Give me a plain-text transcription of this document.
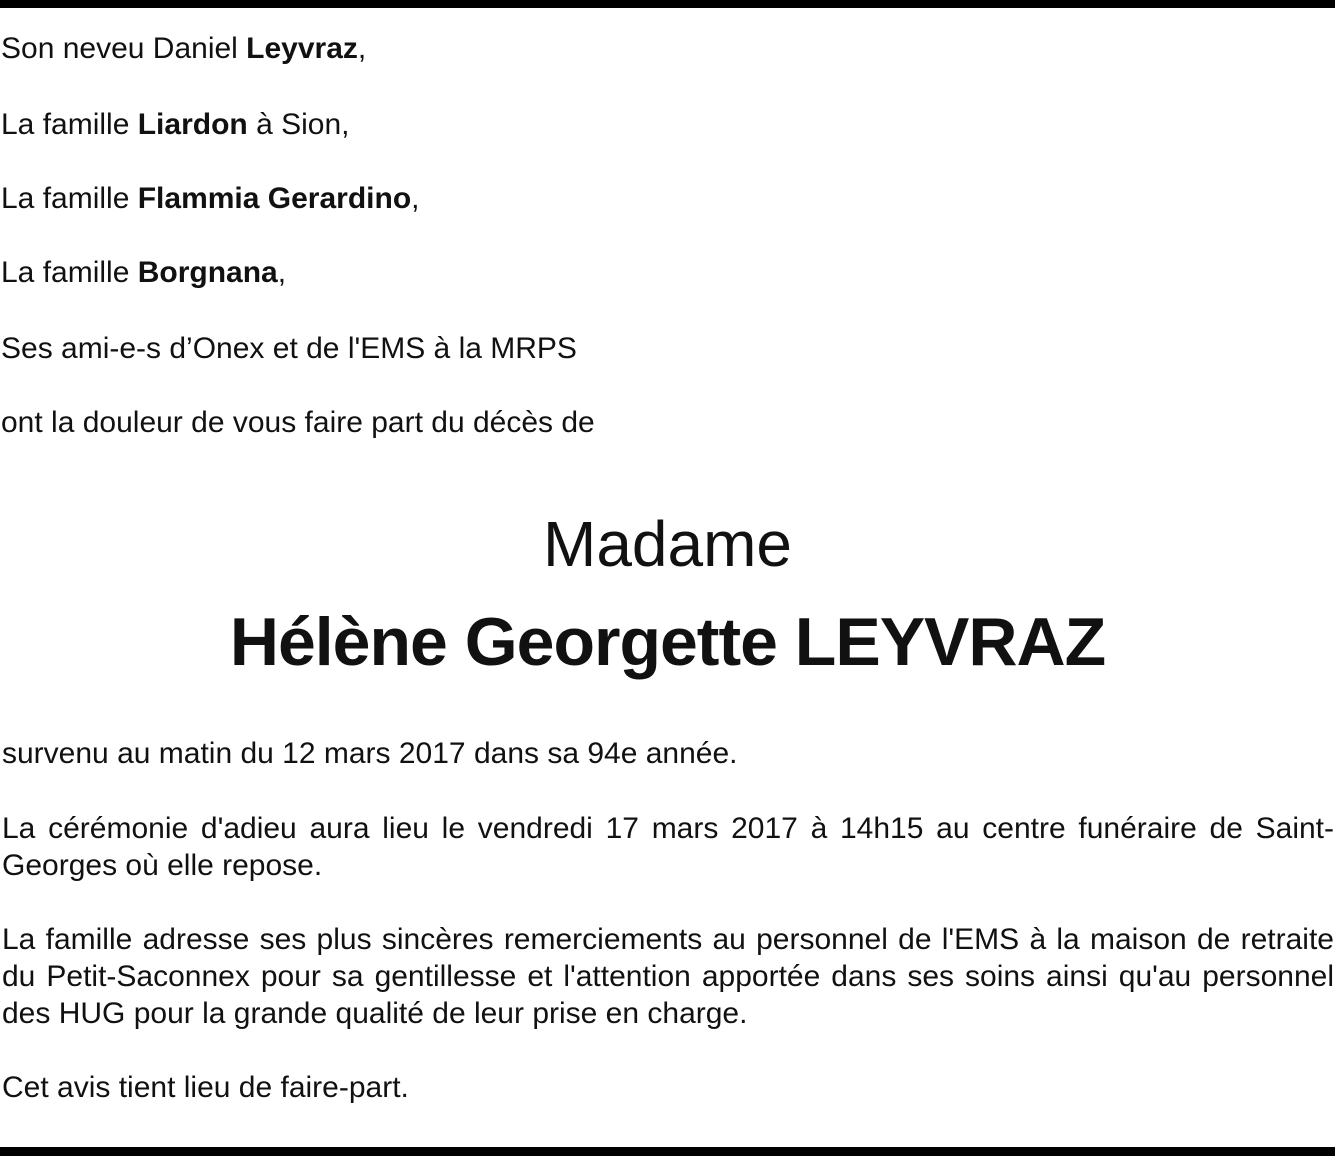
Son neveu Daniel Leyvraz,

La famille Liardon à Sion,

La famille Flammia Gerardino,

La famille Borgnana,

Ses ami-e-s d’Onex et de l'EMS à la MRPS

ont la douleur de vous faire part du décès de

Madame

Hélène Georgette LEYVRAZ

survenu au matin du 12 mars 2017 dans sa 94e année.

La cérémonie d'adieu aura lieu le vendredi 17 mars 2017 à 14h15 au centre funéraire de Saint-Georges où elle repose.

La famille adresse ses plus sincères remerciements au personnel de l'EMS à la maison de retraite du Petit-Saconnex pour sa gentillesse et l'attention apportée dans ses soins ainsi qu'au personnel des HUG pour la grande qualité de leur prise en charge.

Cet avis tient lieu de faire-part.
